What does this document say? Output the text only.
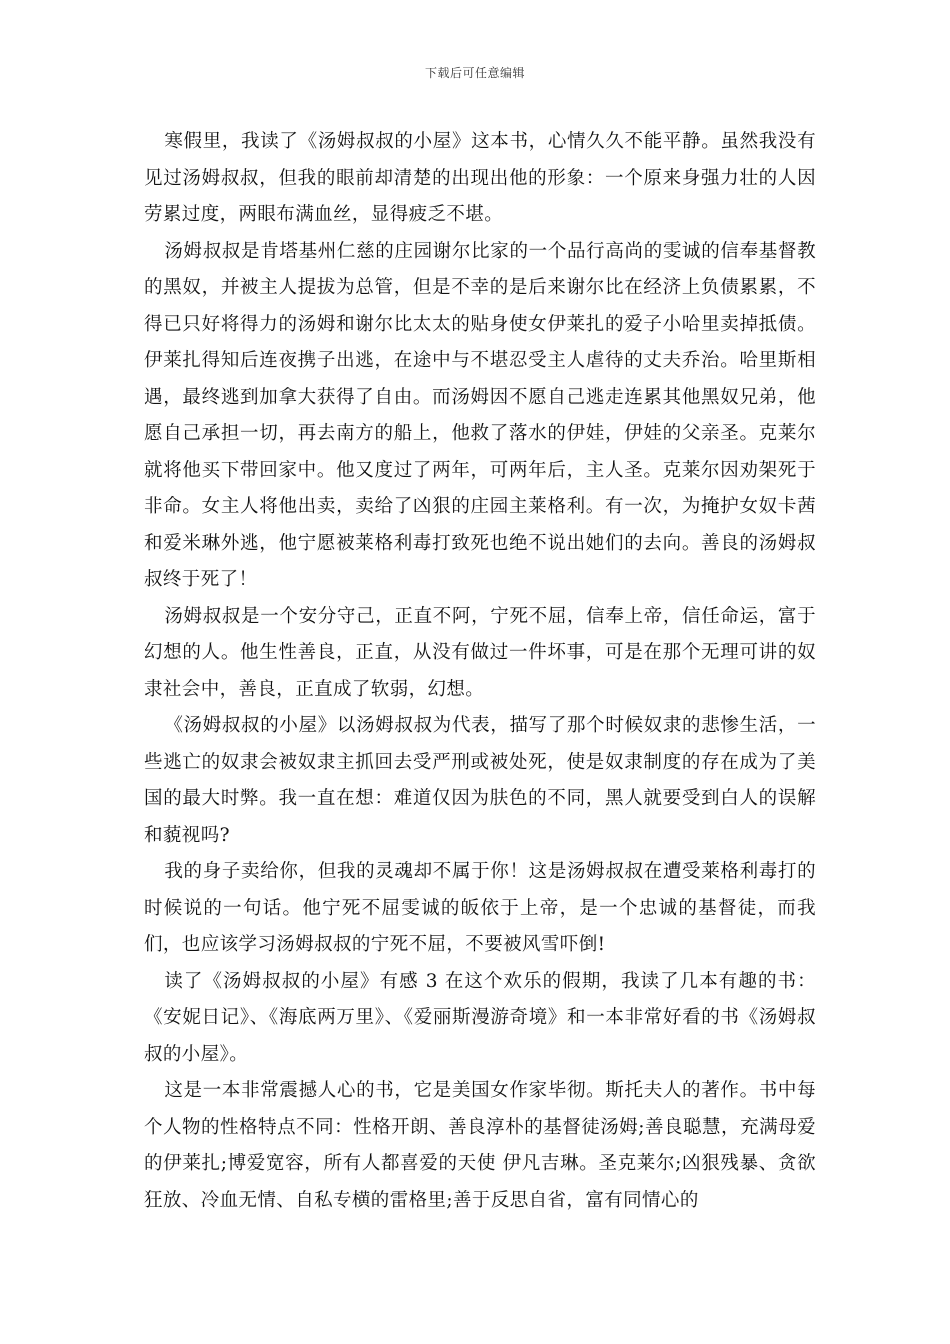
下载后可任意编辑

寒假里，我读了《汤姆叔叔的小屋》这本书，心情久久不能平静。虽然我没有见过汤姆叔叔，但我的眼前却清楚的出现出他的形象：一个原来身强力壮的人因劳累过度，两眼布满血丝，显得疲乏不堪。

汤姆叔叔是肯塔基州仁慈的庄园谢尔比家的一个品行高尚的雯诚的信奉基督教的黑奴，并被主人提拔为总管，但是不幸的是后来谢尔比在经济上负债累累，不得已只好将得力的汤姆和谢尔比太太的贴身使女伊莱扎的爱子小哈里卖掉抵债。伊莱扎得知后连夜携子出逃，在途中与不堪忍受主人虐待的丈夫乔治。哈里斯相遇，最终逃到加拿大获得了自由。而汤姆因不愿自己逃走连累其他黑奴兄弟，他愿自己承担一切，再去南方的船上，他救了落水的伊娃，伊娃的父亲圣。克莱尔就将他买下带回家中。他又度过了两年，可两年后，主人圣。克莱尔因劝架死于非命。女主人将他出卖，卖给了凶狠的庄园主莱格利。有一次，为掩护女奴卡茜和爱米琳外逃，他宁愿被莱格利毒打致死也绝不说出她们的去向。善良的汤姆叔叔终于死了！

汤姆叔叔是一个安分守己，正直不阿，宁死不屈，信奉上帝，信任命运，富于幻想的人。他生性善良，正直，从没有做过一件坏事，可是在那个无理可讲的奴隶社会中，善良，正直成了软弱，幻想。

《汤姆叔叔的小屋》以汤姆叔叔为代表，描写了那个时候奴隶的悲惨生活，一些逃亡的奴隶会被奴隶主抓回去受严刑或被处死，使是奴隶制度的存在成为了美国的最大时弊。我一直在想：难道仅因为肤色的不同，黑人就要受到白人的误解和藐视吗?

我的身子卖给你，但我的灵魂却不属于你！这是汤姆叔叔在遭受莱格利毒打的时候说的一句话。他宁死不屈雯诚的皈依于上帝，是一个忠诚的基督徒，而我们，也应该学习汤姆叔叔的宁死不屈，不要被风雪吓倒!

读了《汤姆叔叔的小屋》有感 3 在这个欢乐的假期，我读了几本有趣的书：《安妮日记》、《海底两万里》、《爱丽斯漫游奇境》和一本非常好看的书《汤姆叔叔的小屋》。

这是一本非常震撼人心的书，它是美国女作家毕彻。斯托夫人的著作。书中每个人物的性格特点不同：性格开朗、善良淳朴的基督徒汤姆;善良聪慧，充满母爱的伊莱扎;博爱宽容，所有人都喜爱的天使 伊凡吉琳。圣克莱尔;凶狠残暴、贪欲狂放、冷血无情、自私专横的雷格里;善于反思自省，富有同情心的
